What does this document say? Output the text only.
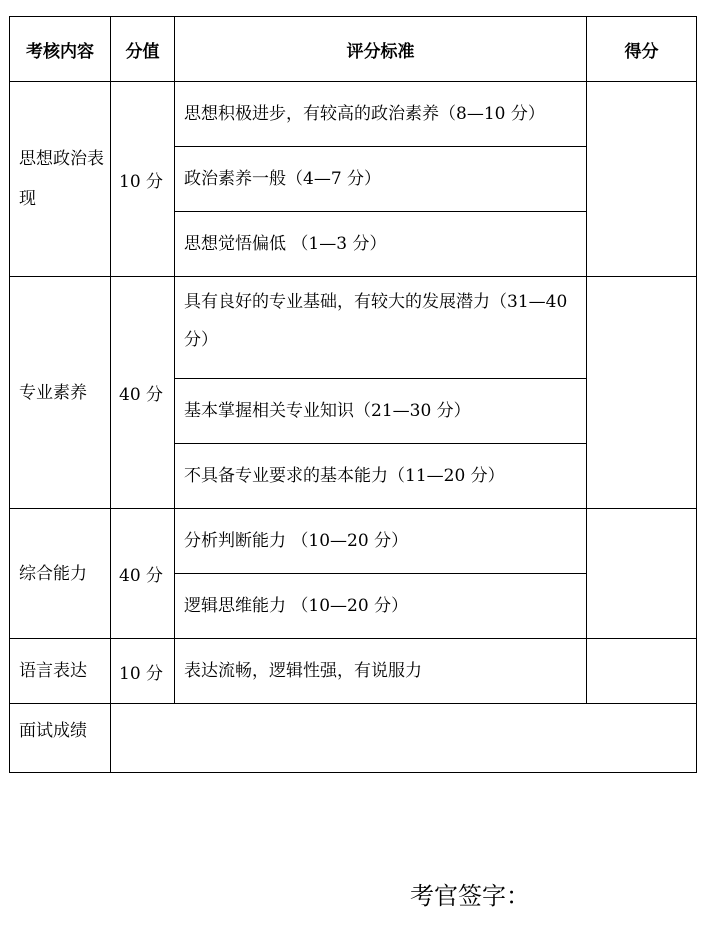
考核内容	分值	评分标准	得分
思想政治表现	10 分	思想积极进步，有较高的政治素养（8—10 分）	
		政治素养一般（4—7 分）	
		思想觉悟偏低 （1—3 分）	
专业素养	40 分	具有良好的专业基础，有较大的发展潜力（31—40 分）	
		基本掌握相关专业知识（21—30 分）	
		不具备专业要求的基本能力（11—20 分）	
综合能力	40 分	分析判断能力 （10—20 分）	
		逻辑思维能力 （10—20 分）	
语言表达	10 分	表达流畅，逻辑性强，有说服力	
面试成绩			
考官签字：
